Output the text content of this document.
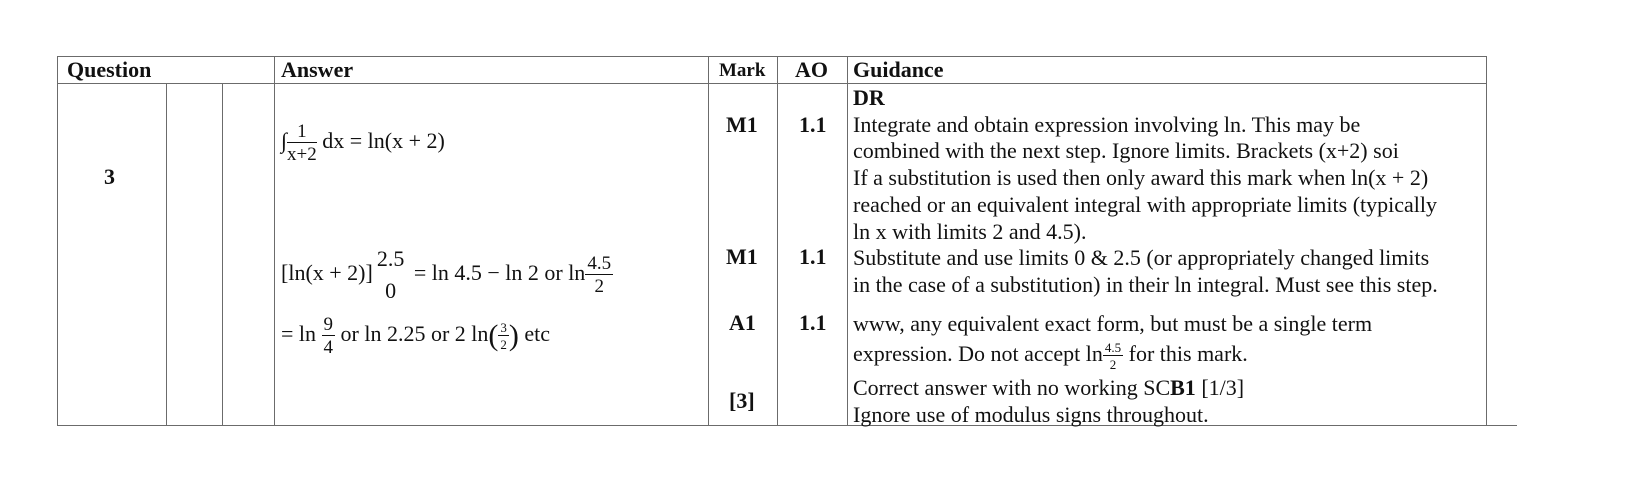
Question	Answer	Mark AO Guidance
3
∫ $\frac{1}{x+2}$ dx = ln(x + 2)
[ln(x + 2)]
2.5
0
= ln 4.5 − ln 2 or $\ln \frac{4.5}{2}$
= $\ln \frac{9}{4}$ or ln 2.25 or 2 $\ln( \frac{3}{2}$ ) etc
M1
M1
A1
[3]
1.1
1.1
1.1
DR
Integrate and obtain expression involving ln. This may be
combined with the next step. Ignore limits. Brackets (x+2) soi
If a substitution is used then only award this mark when ln(x + 2)
reached or an equivalent integral with appropriate limits (typically
ln x with limits 2 and 4.5).
Substitute and use limits 0 & 2.5 (or appropriately changed limits
in the case of a substitution) in their ln integral. Must see this step.
www, any equivalent exact form, but must be a single term
expression. Do not accept $\ln \frac{4.5}{2}$ for this mark.
Correct answer with no working SCB1 [1/3]
Ignore use of modulus signs throughout.
